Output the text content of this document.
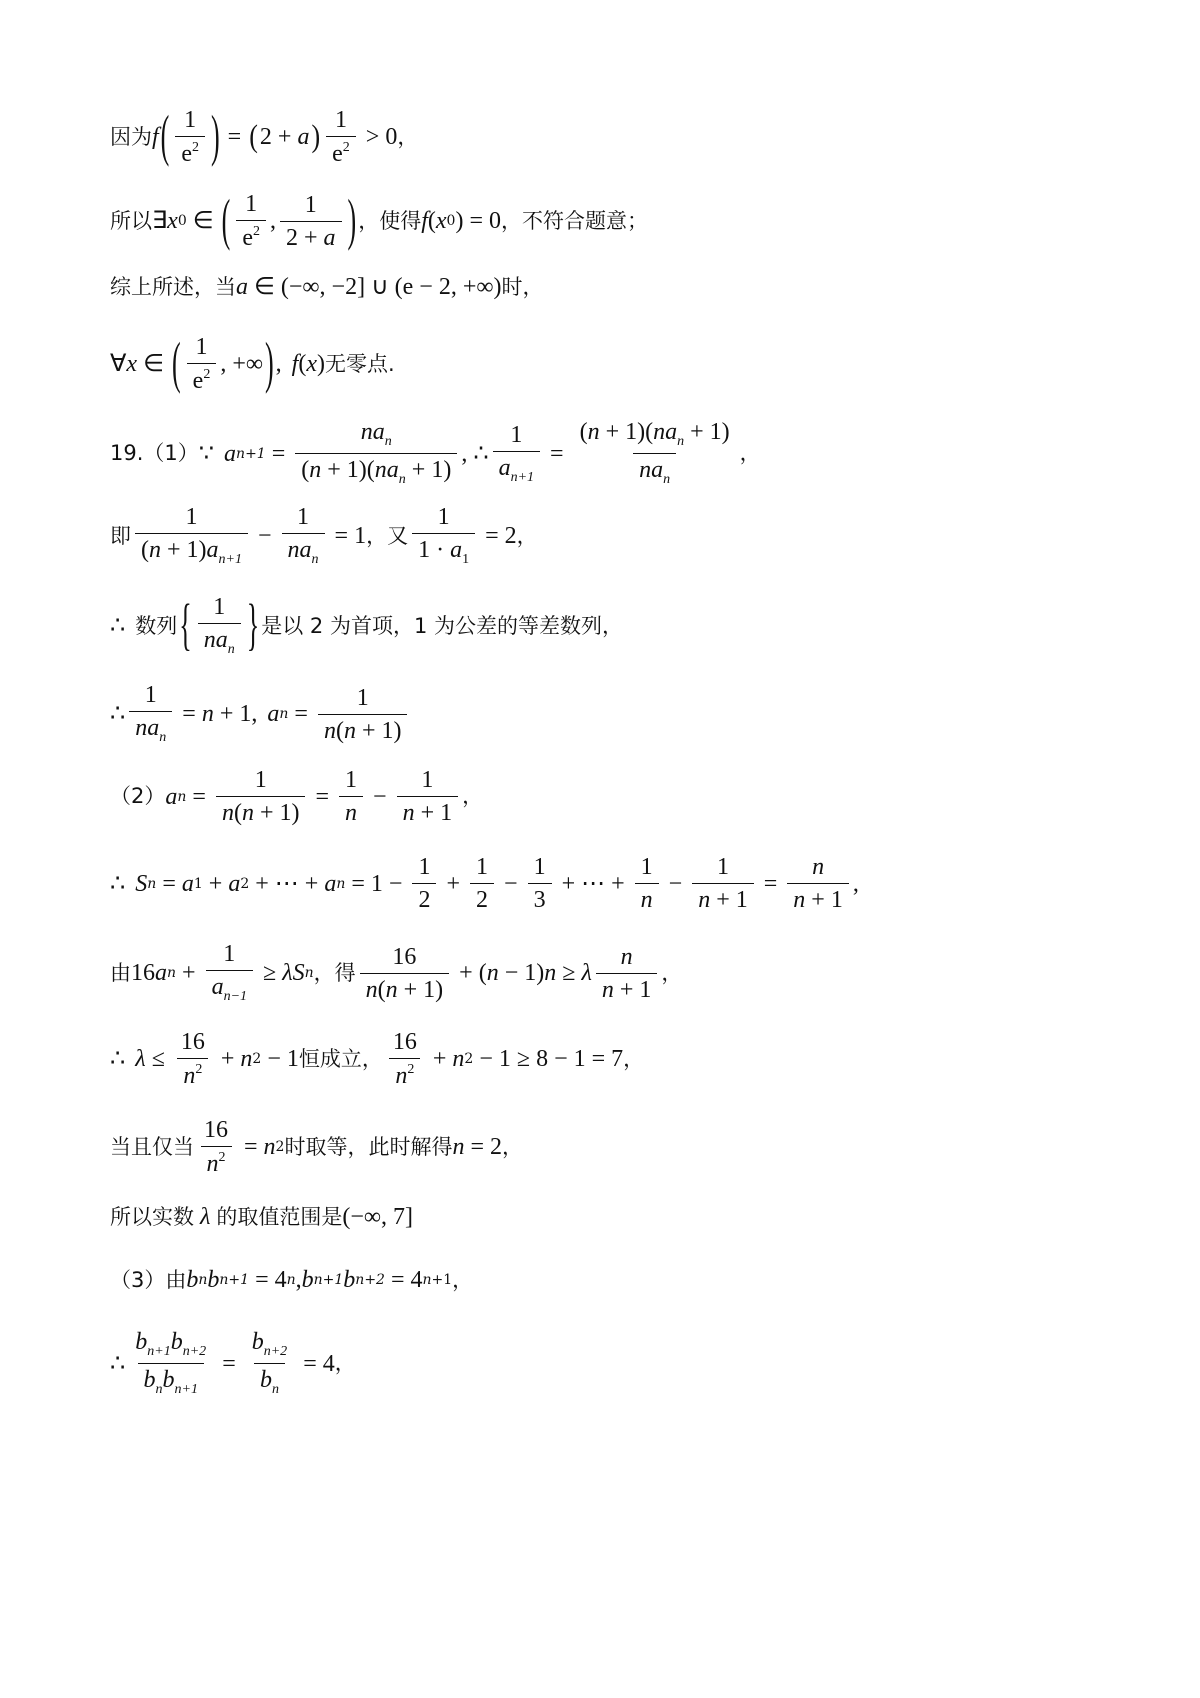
因为 f ( $\frac{1}{e^2}$ ) = ( 2 + a ) $\frac{1}{e^2} > 0$ ，
所以 ∃ x 0 ∈ ( $\frac{1}{e^2}$ , $\frac{1}{2 + a}$ ) ，使得 f ( x 0 ) = 0 ，不符合题意；
综上所述，当 a ∈ (−∞, −2] ∪ (e − 2, +∞) 时，
∀ x ∈ ( $\frac{1}{e^2}$ , +∞ ) , f ( x ) 无零点.
19.（1） ∵ a $n+1 = \frac{na_n}{(n + 1)(na_n + 1)}$ , ∴ $\frac{1}{a_{n+1}} = \frac{(n + 1)(na_n + 1)}{na_n}$ ，
即 $\frac{1}{(n + 1)a_{n+1}} - \frac{1}{na_n} = 1$ ，又 $\frac{1}{1 \cdot a_1} = 2$ ，
∴ 数列 { $\frac{1}{na_n}$ } 是以 2 为首项，1 为公差的等差数列，
∴ $\frac{1}{na_n} = n + 1$, a $n = \frac{1}{n(n + 1)}$
（2） a $n = \frac{1}{n(n + 1)} = \frac{1}{n} - \frac{1}{n + 1}$ ，
∴ S n = a 1 + a 2 + ⋯ + a $n = 1 - \frac{1}{2} + \frac{1}{2} - \frac{1}{3}$ + ⋯ + $\frac{1}{n} - \frac{1}{n + 1} = \frac{n}{n + 1}$ ,
由 16 a $n + \frac{1}{a_{n-1}} \ge \lambda S$ n ，得 $\frac{16}{n(n + 1)}$ + ( n − 1) n ≥ λ $\frac{n}{n + 1}$ ，
∴ $\lambda \le \frac{16}{n^2} + n$ 2 − 1 恒成立， $\frac{16}{n^2} + n$ 2 − 1 ≥ 8 − 1 = 7 ，
当且仅当 $\frac{16}{n^2} = n$ 2 时取等，此时解得 n = 2 ，
所以实数 λ 的取值范围是 (−∞, 7]
（3）由 b n b n+1 = 4 n , b n+1 b n+2 = 4 n+1 ，
∴ $\frac{b_{n+1}b_{n+2}}{b_nb_{n+1}} = \frac{b_{n+2}}{b_n} = 4$ ，
